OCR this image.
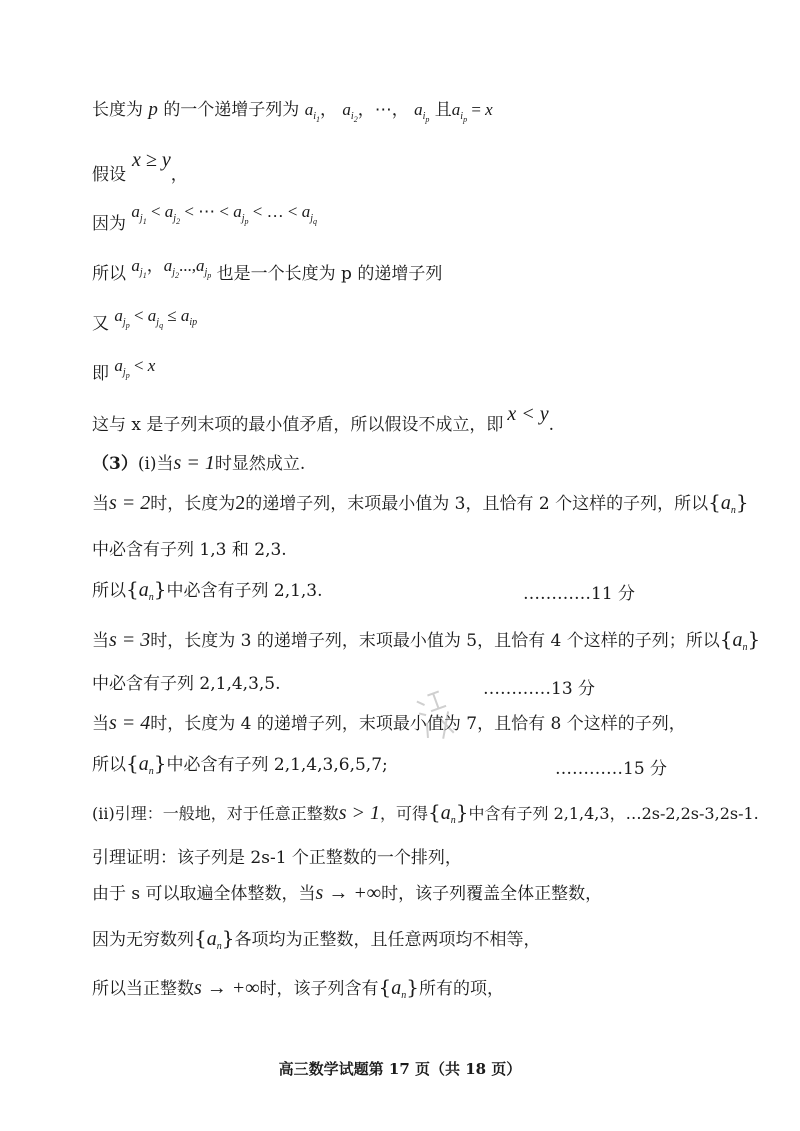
长度为 p 的一个递增子列为 $a_{i_1}$， $a_{i_2}$，⋯， $a_{i_p}$ 且$a_{i_p} = x$
假设x ≥ y，
因为 $a_{j_1} < a_{j_2}$ < ⋯ < $a_{j_p}$ < … < $a_{j_q}$
所以 $a_{j_1}$，$a_{j_2}...,a_{j_p}$ 也是一个长度为 p 的递增子列
又 $a_{j_p} < a_{j_q} \le a_{ip}$
即 $a_{j_p} < x$
这与 x 是子列末项的最小值矛盾，所以假设不成立，即 x < y.
（3）(i)当s = 1时显然成立.
当s = 2时，长度为2的递增子列，末项最小值为 3，且恰有 2 个这样的子列，所以$\{a_n\}$
中必含有子列 1,3 和 2,3.
所以$\{a_n\}$中必含有子列 2,1,3.	…………11 分
当s = 3时，长度为 3 的递增子列，末项最小值为 5，且恰有 4 个这样的子列；所以$\{a_n\}$
中必含有子列 2,1,4,3,5.	…………13 分
当s = 4时，长度为 4 的递增子列，末项最小值为 7，且恰有 8 个这样的子列，
所以$\{a_n\}$中必含有子列 2,1,4,3,6,5,7;	…………15 分
(ii)引理：一般地，对于任意正整数s > 1，可得$\{a_n\}$中含有子列 2,1,4,3，…2s-2,2s-3,2s-1.
引理证明：该子列是 2s-1 个正整数的一个排列，
由于 s 可以取遍全体整数，当s → +∞时，该子列覆盖全体正整数，
因为无穷数列$\{a_n\}$各项均为正整数，且任意两项均不相等，
所以当正整数s → +∞时，该子列含有$\{a_n\}$所有的项，
高三数学试题第 17 页（共 18 页）
